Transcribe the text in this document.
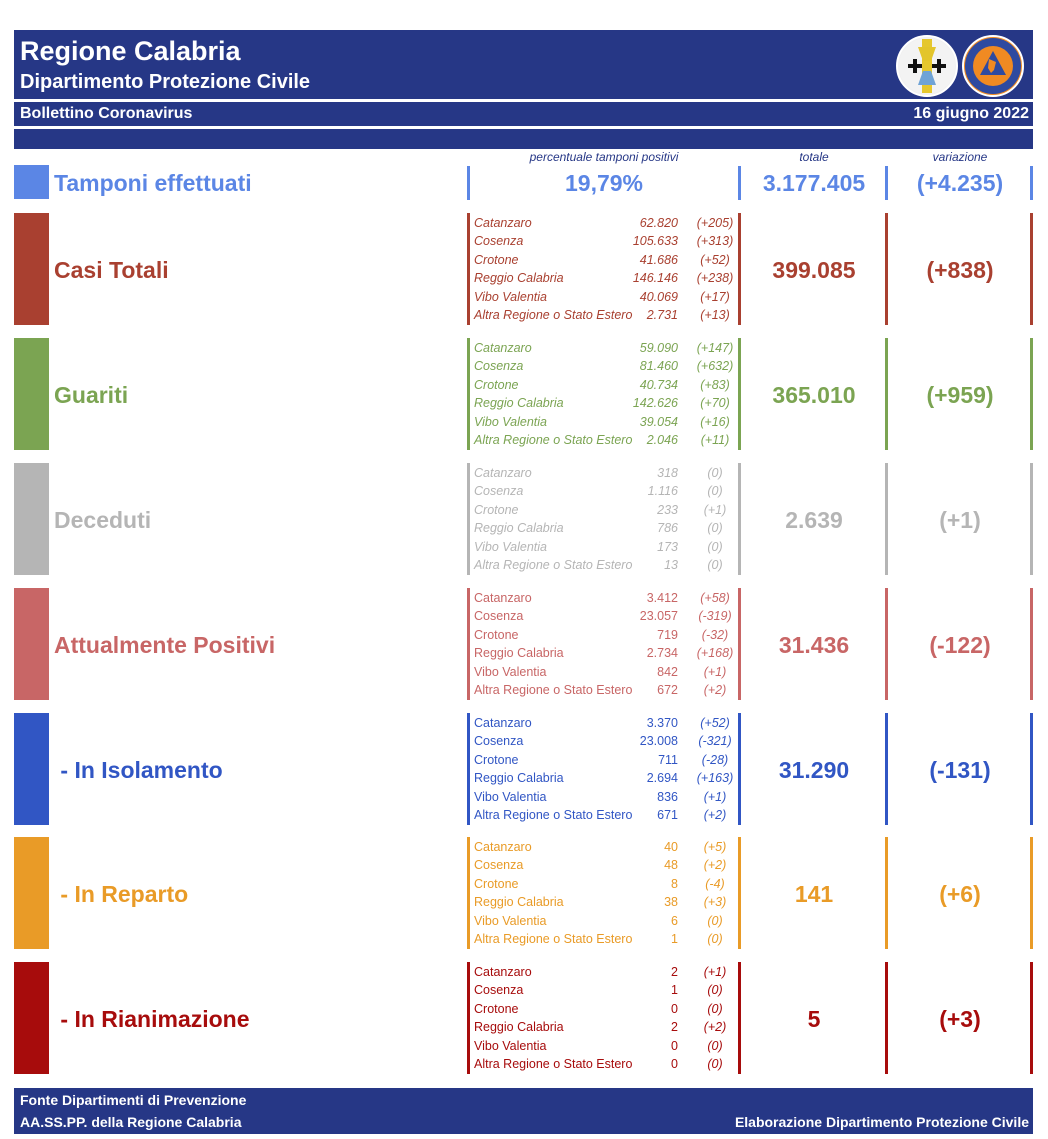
Regione Calabria
Dipartimento Protezione Civile
Bollettino Coronavirus	16 giugno 2022
percentuale tamponi positivi	totale	variazione
Tamponi effettuati	19,79%	3.177.405	(+4.235)
Casi Totali
Catanzaro	62.820	(+205)
Cosenza	105.633	(+313)
Crotone	41.686	(+52)
Reggio Calabria	146.146	(+238)
Vibo Valentia	40.069	(+17)
Altra Regione o Stato Estero	2.731	(+13)
399.085	(+838)
Guariti
Catanzaro	59.090	(+147)
Cosenza	81.460	(+632)
Crotone	40.734	(+83)
Reggio Calabria	142.626	(+70)
Vibo Valentia	39.054	(+16)
Altra Regione o Stato Estero	2.046	(+11)
365.010	(+959)
Deceduti
Catanzaro	318	(0)
Cosenza	1.116	(0)
Crotone	233	(+1)
Reggio Calabria	786	(0)
Vibo Valentia	173	(0)
Altra Regione o Stato Estero	13	(0)
2.639	(+1)
Attualmente Positivi
Catanzaro	3.412	(+58)
Cosenza	23.057	(-319)
Crotone	719	(-32)
Reggio Calabria	2.734	(+168)
Vibo Valentia	842	(+1)
Altra Regione o Stato Estero	672	(+2)
31.436	(-122)
- In Isolamento
Catanzaro	3.370	(+52)
Cosenza	23.008	(-321)
Crotone	711	(-28)
Reggio Calabria	2.694	(+163)
Vibo Valentia	836	(+1)
Altra Regione o Stato Estero	671	(+2)
31.290	(-131)
- In Reparto
Catanzaro	40	(+5)
Cosenza	48	(+2)
Crotone	8	(-4)
Reggio Calabria	38	(+3)
Vibo Valentia	6	(0)
Altra Regione o Stato Estero	1	(0)
141	(+6)
- In Rianimazione
Catanzaro	2	(+1)
Cosenza	1	(0)
Crotone	0	(0)
Reggio Calabria	2	(+2)
Vibo Valentia	0	(0)
Altra Regione o Stato Estero	0	(0)
5	(+3)
Fonte Dipartimenti di Prevenzione
AA.SS.PP. della Regione Calabria	Elaborazione Dipartimento Protezione Civile
